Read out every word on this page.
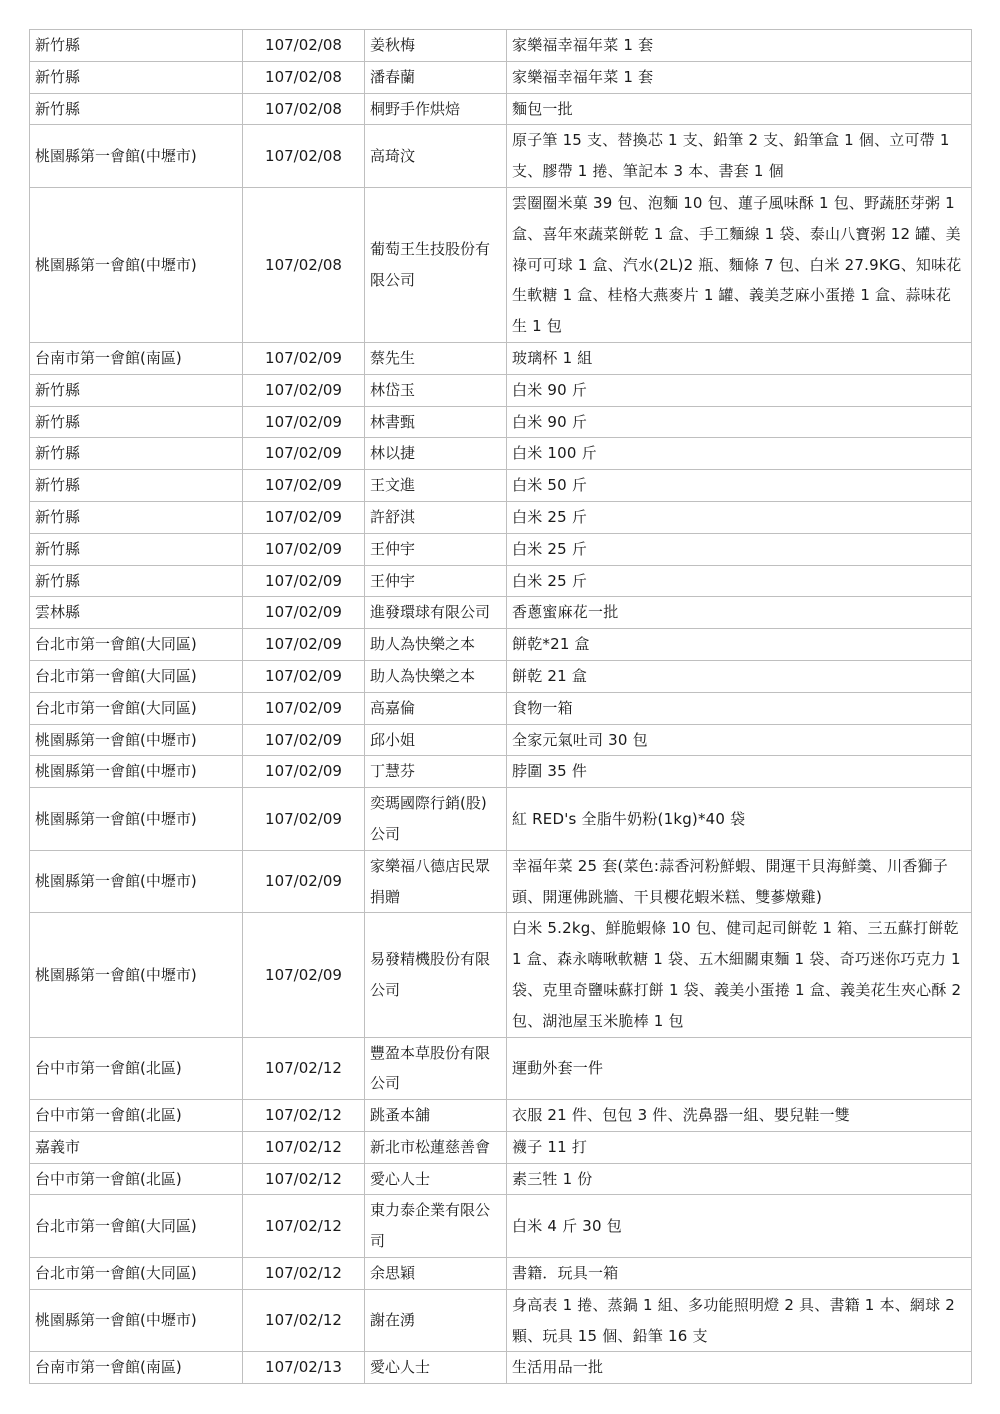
新竹縣	107/02/08	姜秋梅	家樂福幸福年菜 1 套
新竹縣	107/02/08	潘春蘭	家樂福幸福年菜 1 套
新竹縣	107/02/08	桐野手作烘焙	麵包一批
桃園縣第一會館(中壢市)	107/02/08	高琦汶	原子筆 15 支、替換芯 1 支、鉛筆 2 支、鉛筆盒 1 個、立可帶 1 支、膠帶 1 捲、筆記本 3 本、書套 1 個
桃園縣第一會館(中壢市)	107/02/08	葡萄王生技股份有限公司	雲圈圈米菓 39 包、泡麵 10 包、蓮子風味酥 1 包、野蔬胚芽粥 1 盒、喜年來蔬菜餅乾 1 盒、手工麵線 1 袋、泰山八寶粥 12 罐、美祿可可球 1 盒、汽水(2L)2 瓶、麵條 7 包、白米 27.9KG、知味花生軟糖 1 盒、桂格大燕麥片 1 罐、義美芝麻小蛋捲 1 盒、蒜味花生 1 包
台南市第一會館(南區)	107/02/09	蔡先生	玻璃杯 1 組
新竹縣	107/02/09	林岱玉	白米 90 斤
新竹縣	107/02/09	林書甄	白米 90 斤
新竹縣	107/02/09	林以捷	白米 100 斤
新竹縣	107/02/09	王文進	白米 50 斤
新竹縣	107/02/09	許舒淇	白米 25 斤
新竹縣	107/02/09	王仲宇	白米 25 斤
新竹縣	107/02/09	王仲宇	白米 25 斤
雲林縣	107/02/09	進發環球有限公司	香蔥蜜麻花一批
台北市第一會館(大同區)	107/02/09	助人為快樂之本	餅乾*21 盒
台北市第一會館(大同區)	107/02/09	助人為快樂之本	餅乾 21 盒
台北市第一會館(大同區)	107/02/09	高嘉倫	食物一箱
桃園縣第一會館(中壢市)	107/02/09	邱小姐	全家元氣吐司 30 包
桃園縣第一會館(中壢市)	107/02/09	丁慧芬	脖圍 35 件
桃園縣第一會館(中壢市)	107/02/09	奕瑪國際行銷(股)公司	紅 RED's 全脂牛奶粉(1kg)*40 袋
桃園縣第一會館(中壢市)	107/02/09	家樂福八德店民眾捐贈	幸福年菜 25 套(菜色:蒜香河粉鮮蝦、開運干貝海鮮羹、川香獅子頭、開運佛跳牆、干貝櫻花蝦米糕、雙蔘燉雞)
桃園縣第一會館(中壢市)	107/02/09	易發精機股份有限公司	白米 5.2kg、鮮脆蝦條 10 包、健司起司餅乾 1 箱、三五蘇打餅乾 1 盒、森永嗨啾軟糖 1 袋、五木細關東麵 1 袋、奇巧迷你巧克力 1 袋、克里奇鹽味蘇打餅 1 袋、義美小蛋捲 1 盒、義美花生夾心酥 2 包、湖池屋玉米脆棒 1 包
台中市第一會館(北區)	107/02/12	豐盈本草股份有限公司	運動外套一件
台中市第一會館(北區)	107/02/12	跳蚤本舖	衣服 21 件、包包 3 件、洗鼻器一組、嬰兒鞋一雙
嘉義市	107/02/12	新北市松蓮慈善會	襪子 11 打
台中市第一會館(北區)	107/02/12	愛心人士	素三牲 1 份
台北市第一會館(大同區)	107/02/12	東力泰企業有限公司	白米 4 斤 30 包
台北市第一會館(大同區)	107/02/12	余思穎	書籍．玩具一箱
桃園縣第一會館(中壢市)	107/02/12	謝在湧	身高表 1 捲、蒸鍋 1 組、多功能照明燈 2 具、書籍 1 本、網球 2 顆、玩具 15 個、鉛筆 16 支
台南市第一會館(南區)	107/02/13	愛心人士	生活用品一批
